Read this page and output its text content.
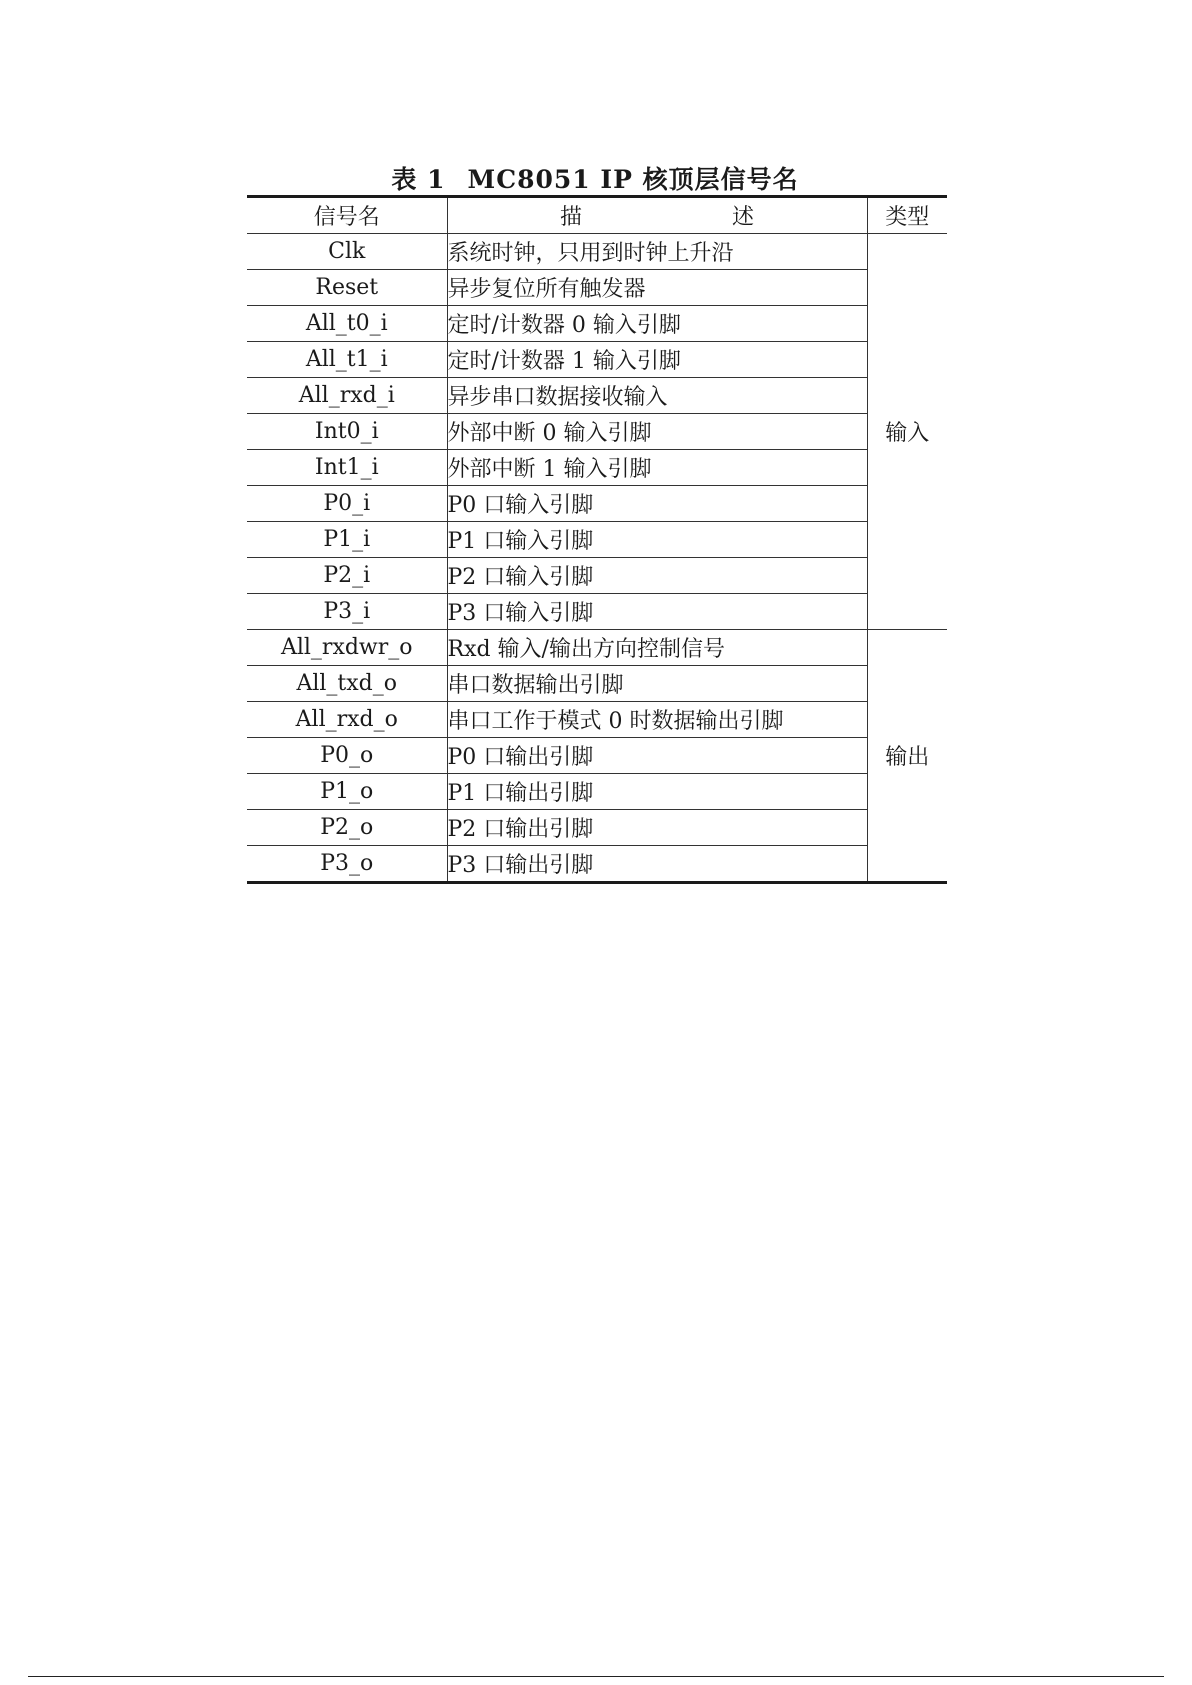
表 1 MC8051 IP 核顶层信号名
信号名	描 述	类型
Clk	系统时钟，只用到时钟上升沿	输入
Reset	异步复位所有触发器	
All_t0_i	定时/计数器 0 输入引脚	
All_t1_i	定时/计数器 1 输入引脚	
All_rxd_i	异步串口数据接收输入	
Int0_i	外部中断 0 输入引脚	
Int1_i	外部中断 1 输入引脚	
P0_i	P0 口输入引脚	
P1_i	P1 口输入引脚	
P2_i	P2 口输入引脚	
P3_i	P3 口输入引脚	
All_rxdwr_o	Rxd 输入/输出方向控制信号	输出
All_txd_o	串口数据输出引脚	
All_rxd_o	串口工作于模式 0 时数据输出引脚	
P0_o	P0 口输出引脚	
P1_o	P1 口输出引脚	
P2_o	P2 口输出引脚	
P3_o	P3 口输出引脚	
